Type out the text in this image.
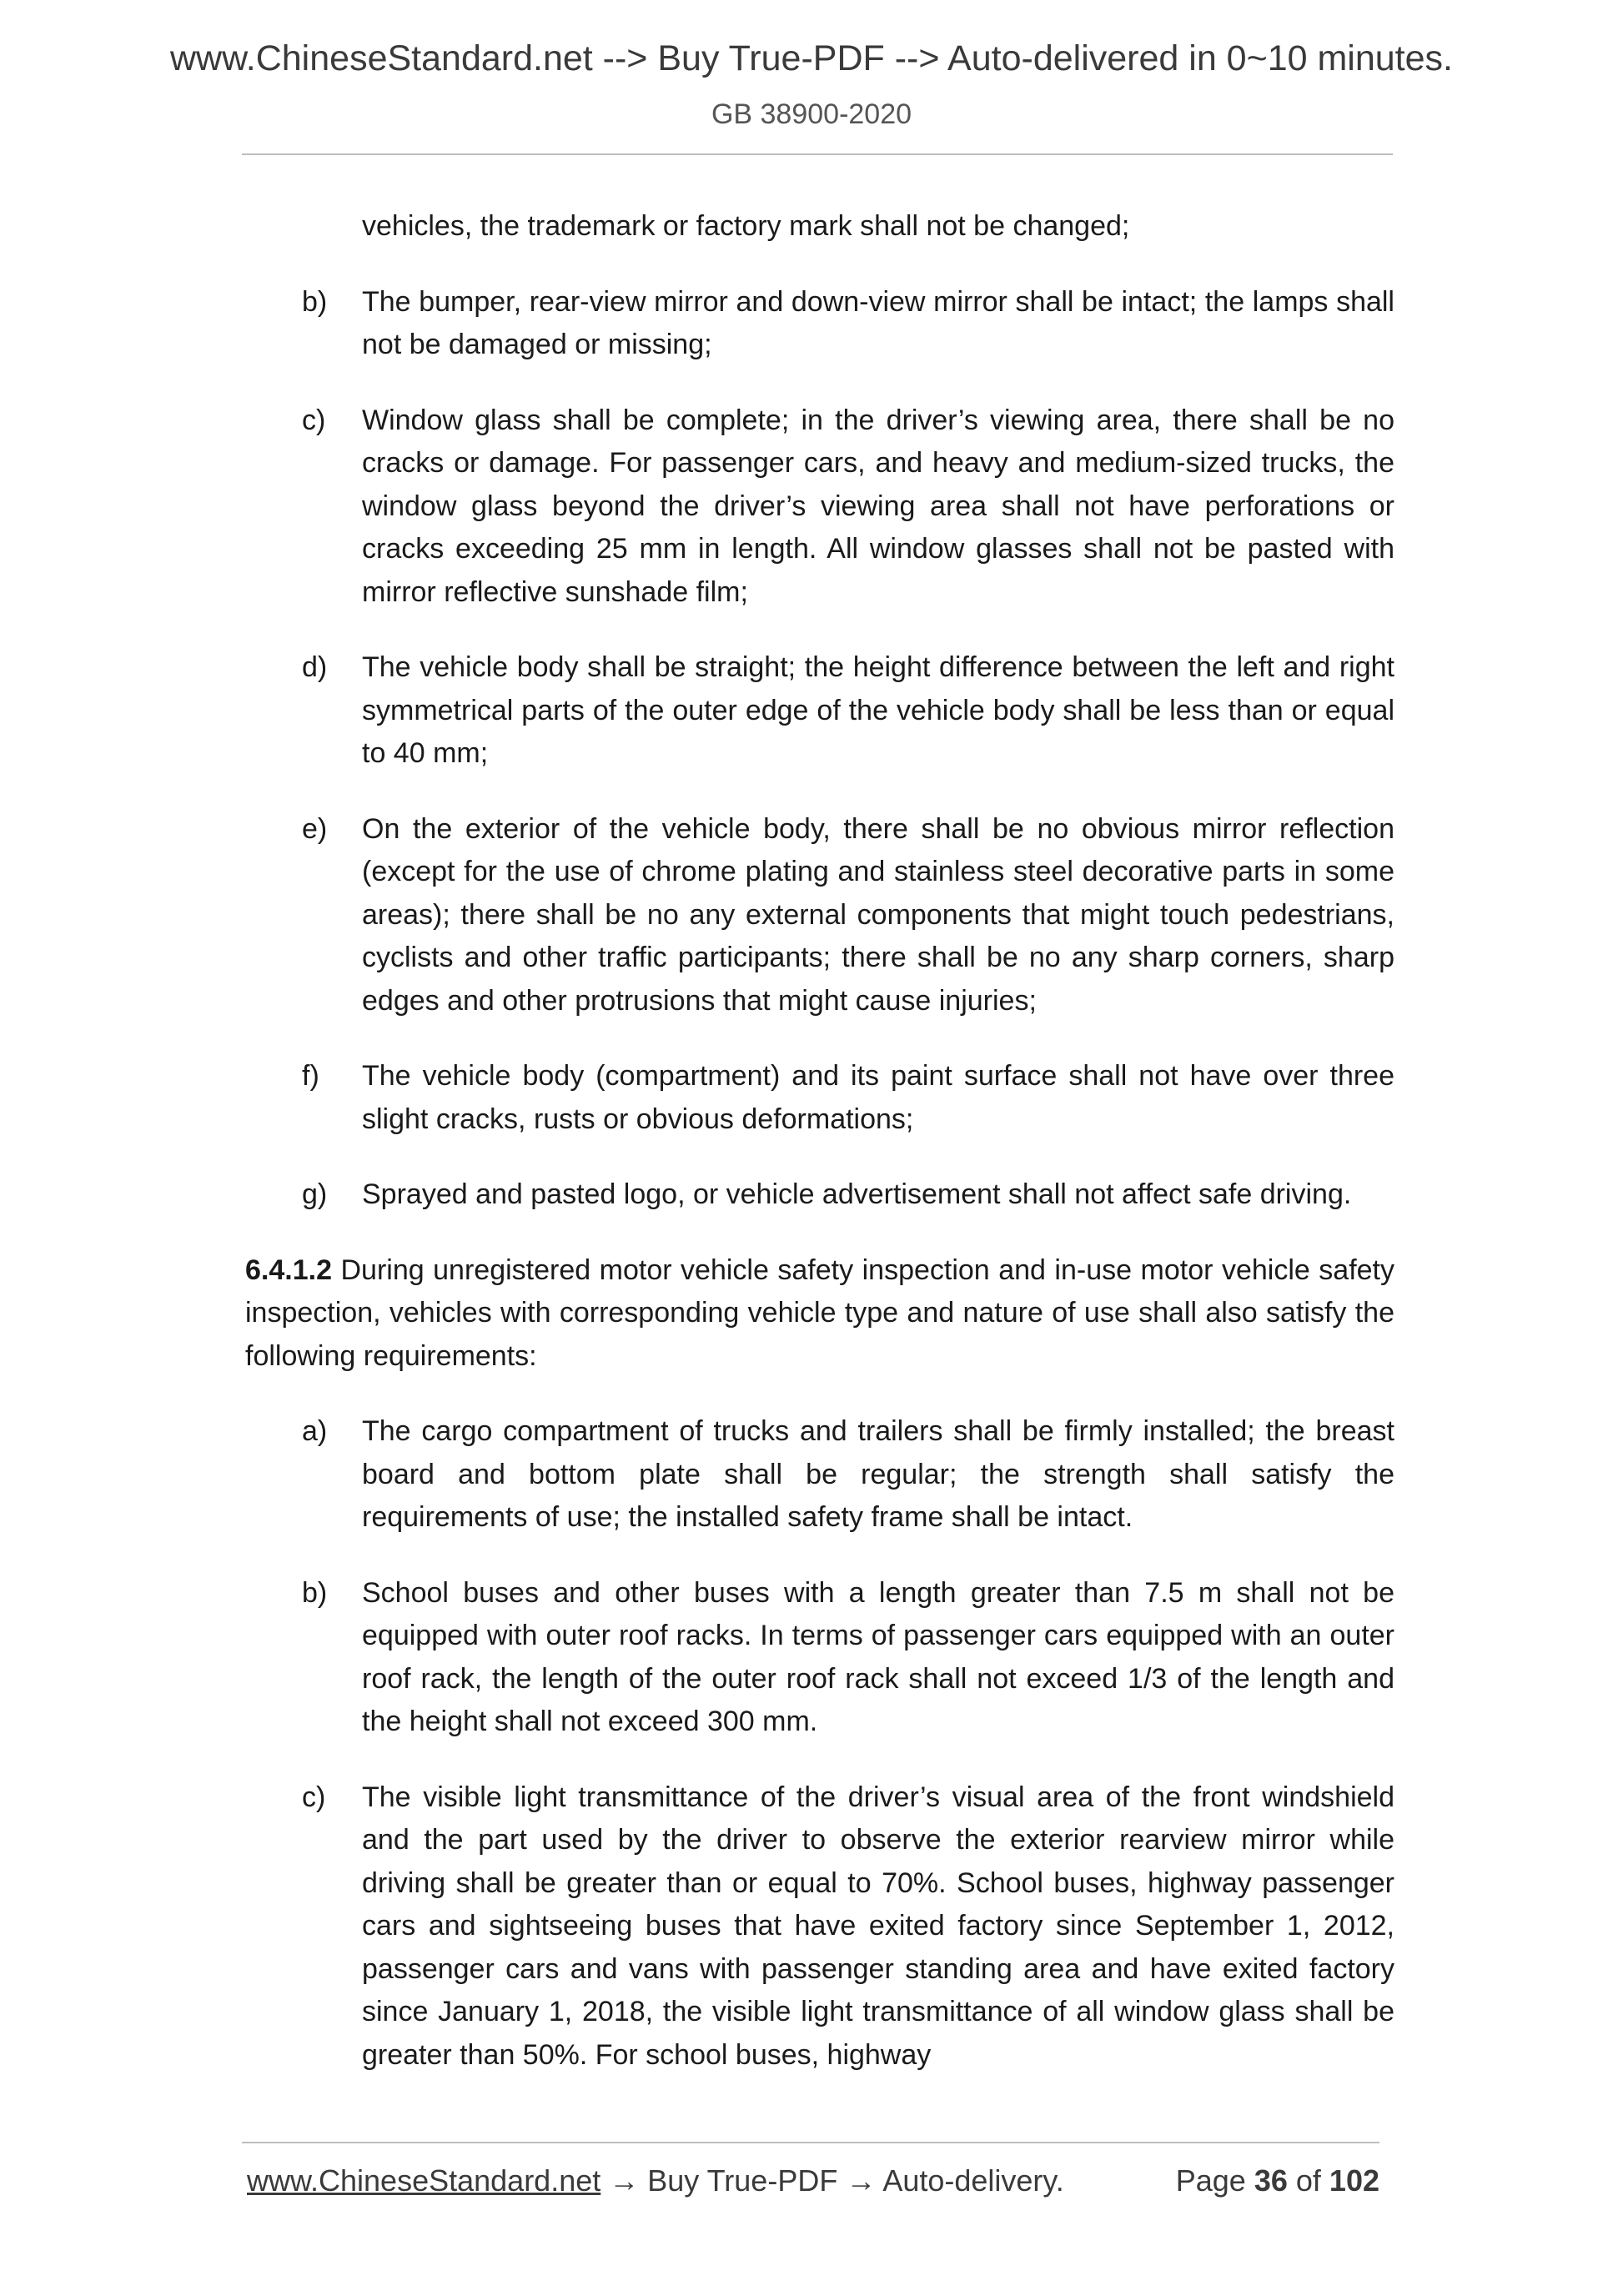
www.ChineseStandard.net --> Buy True-PDF --> Auto-delivered in 0~10 minutes.
GB 38900-2020

vehicles, the trademark or factory mark shall not be changed;

b)	The bumper, rear-view mirror and down-view mirror shall be intact; the lamps shall not be damaged or missing;

c)	Window glass shall be complete; in the driver’s viewing area, there shall be no cracks or damage. For passenger cars, and heavy and medium-sized trucks, the window glass beyond the driver’s viewing area shall not have perforations or cracks exceeding 25 mm in length. All window glasses shall not be pasted with mirror reflective sunshade film;

d)	The vehicle body shall be straight; the height difference between the left and right symmetrical parts of the outer edge of the vehicle body shall be less than or equal to 40 mm;

e)	On the exterior of the vehicle body, there shall be no obvious mirror reflection (except for the use of chrome plating and stainless steel decorative parts in some areas); there shall be no any external components that might touch pedestrians, cyclists and other traffic participants; there shall be no any sharp corners, sharp edges and other protrusions that might cause injuries;

f)	The vehicle body (compartment) and its paint surface shall not have over three slight cracks, rusts or obvious deformations;

g)	Sprayed and pasted logo, or vehicle advertisement shall not affect safe driving.

6.4.1.2 During unregistered motor vehicle safety inspection and in-use motor vehicle safety inspection, vehicles with corresponding vehicle type and nature of use shall also satisfy the following requirements:

a)	The cargo compartment of trucks and trailers shall be firmly installed; the breast board and bottom plate shall be regular; the strength shall satisfy the requirements of use; the installed safety frame shall be intact.

b)	School buses and other buses with a length greater than 7.5 m shall not be equipped with outer roof racks. In terms of passenger cars equipped with an outer roof rack, the length of the outer roof rack shall not exceed 1/3 of the length and the height shall not exceed 300 mm.

c)	The visible light transmittance of the driver’s visual area of the front windshield and the part used by the driver to observe the exterior rearview mirror while driving shall be greater than or equal to 70%. School buses, highway passenger cars and sightseeing buses that have exited factory since September 1, 2012, passenger cars and vans with passenger standing area and have exited factory since January 1, 2018, the visible light transmittance of all window glass shall be greater than 50%. For school buses, highway

www.ChineseStandard.net → Buy True-PDF → Auto-delivery.	Page 36 of 102
